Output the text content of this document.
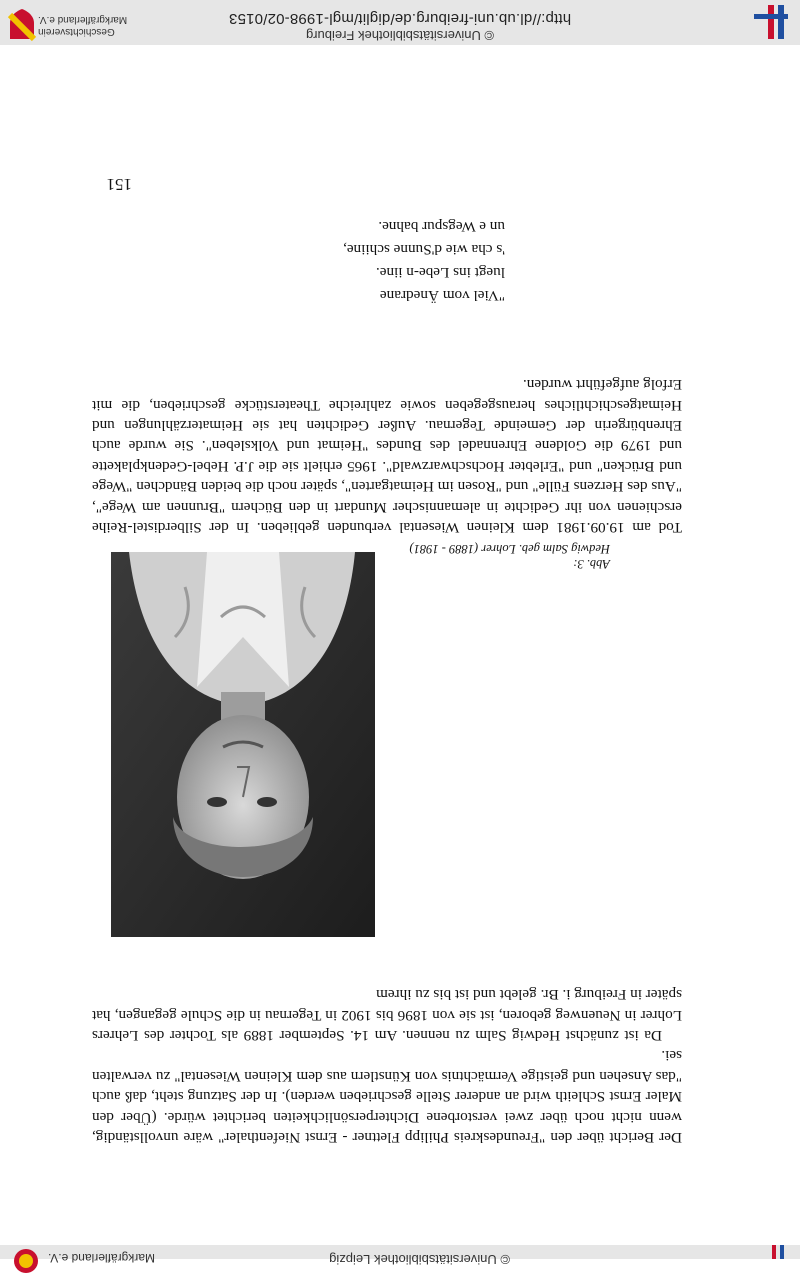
© Universitätsbibliothek Leipzig
Markgräflerland e.V.

Der Bericht über den "Freundeskreis Philipp Flettner - Ernst Niefenthaler" wäre unvollständig, wenn nicht noch über zwei verstorbene Dichterpersönlichkeiten berichtet würde. (Über den Maler Ernst Schleith wird an anderer Stelle geschrieben werden). In der Satzung steht, daß auch "das Ansehen und geistige Vermächtnis von Künstlern aus dem Kleinen Wiesental" zu verwalten sei.

Da ist zunächst Hedwig Salm zu nennen. Am 14. September 1889 als Tochter des Lehrers Lohrer in Neuenweg geboren, ist sie von 1896 bis 1902 in Tegernau in die Schule gegangen, hat später in Freiburg i. Br. gelebt und ist bis zu ihrem

Abb. 3:
Hedwig Salm geb. Lohrer (1889 - 1981)

Tod am 19.09.1981 dem Kleinen Wiesental verbunden geblieben. In der Silberdistel-Reihe erschienen von ihr Gedichte in alemannischer Mundart in den Büchern "Brunnen am Wege", "Aus des Herzens Fülle" und "Rosen im Heimatgarten", später noch die beiden Bändchen "Wege und Brücken" und "Erlebter Hochschwarzwald". 1965 erhielt sie die J.P. Hebel-Gedenkplakette und 1979 die Goldene Ehrennadel des Bundes "Heimat und Volksleben". Sie wurde auch Ehrenbürgerin der Gemeinde Tegernau. Außer Gedichten hat sie Heimaterzählungen und Heimatgeschichtliches herausgegeben sowie zahlreiche Theaterstücke geschrieben, die mit Erfolg aufgeführt wurden.

"Viel vom Änedrane
luegt ins Lebe-n iine.
's cha wie d'Sunne schiine,
un e Wegspur bahne.
151
© Universitätsbibliothek Freiburg
http://dl.ub.uni-freiburg.de/diglit/mgl-1998-02/0153
Geschichtsverein
Markgräflerland e.V.
